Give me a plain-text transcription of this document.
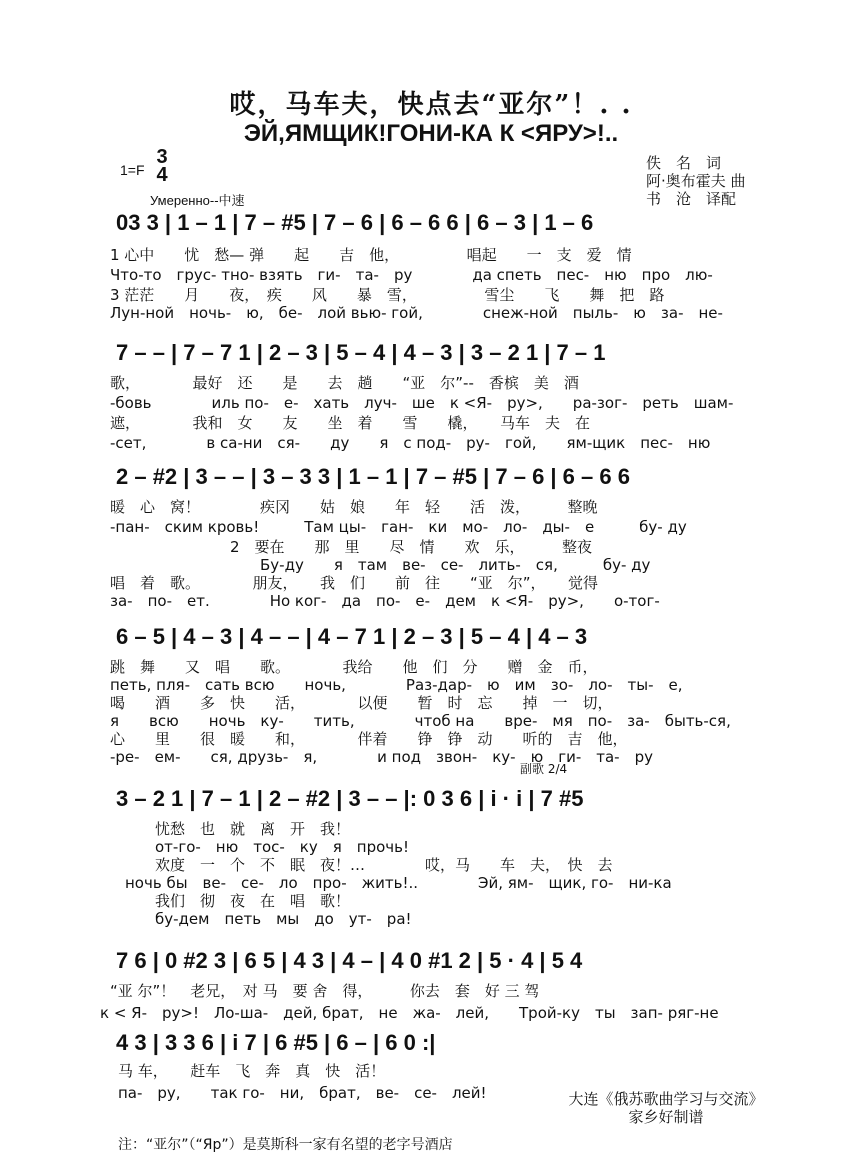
哎，马车夫，快点去“亚尔”！. .
ЭЙ,ЯМЩИК!ГОНИ-КА К <ЯРУ>!..
1=F
3
4
Умеренно--中速
佚　名　词
阿·奥布霍夫 曲
书　沧　译配
03 3 | 1 – 1 | 7 – #5 | 7 – 6 | 6 – 6 6 | 6 – 3 | 1 – 6
1 心中　　忧　愁— 弹　　起　　吉　他，　　　　　唱起　　一　支　爱　情
Что-то　грус- тно- взять　ги-　та-　ру　　　　да спеть　пес-　ню　про　лю-
3 茫茫　　月　　夜，　疾　　风　　暴　雪，　　　　　雪尘　　飞　　舞　把　路
Лун-ной　ночь-　ю,　бе-　лой вью- гой,　　　　снеж-ной　пыль-　ю　за-　не-
7 – – | 7 – 7 1 | 2 – 3 | 5 – 4 | 4 – 3 | 3 – 2 1 | 7 – 1
歌，　　　　最好　还　　是　　去　趟　　“亚　尔”--　香槟　美　酒
-бовь　　　　иль по-　е-　хать　луч-　ше　к <Я-　ру>,　　ра-зог-　реть　шам-
遮，　　　　我和　女　　友　　坐　着　　雪　　橇，　　马车　夫　在
-сет,　　　　в са-ни　ся-　　ду　　я　с под-　ру-　гой,　　ям-щик　пес-　ню
2 – #2 | 3 – – | 3 – 3 3 | 1 – 1 | 7 – #5 | 7 – 6 | 6 – 6 6
暖　心　窝！　　　　疾冈　　姑　娘　　年　轻　　活　泼，　　　整晚
-пан-　ским кровь!　　　Там цы-　ган-　ки　мо-　ло-　ды-　е　　　бу- ду
　　　　　　　　2　要在　　那　里　　尽　情　　欢　乐，　　　整夜
　　　　　　　　　　Бу-ду　　я　там　ве-　се-　лить-　ся,　　　бу- ду
唱　着　歌。　　　　朋友，　　我　们　　前　往　　“亚　尔”，　　觉得
за-　по-　ет.　　　　Но ког-　да　по-　е-　дем　к <Я-　ру>,　　о-тог-
6 – 5 | 4 – 3 | 4 – – | 4 – 7 1 | 2 – 3 | 5 – 4 | 4 – 3
跳　舞　　又　唱　　歌。　　　　我给　　他　们　分　　赠　金　币，
петь, пля-　сать всю　　ночь,　　　　Раз-дар-　ю　им　зо-　ло-　ты-　е,
喝　　酒　　多　快　　活，　　　　以便　　暂　时　忘　　掉　一　切，
я　　всю　　ночь　ку-　　тить,　　　　чтоб на　　вре-　мя　по-　за-　быть-ся,
心　　里　　很　暖　　和，　　　　伴着　　铮　铮　动　　听的　吉　他，
-ре-　ем-　　ся, друзь-　я,　　　　и под　звон-　ку-　ю　ги-　та-　ру
副歌 2/4
3 – 2 1 | 7 – 1 | 2 – #2 | 3 – – |: 0 3 6 | i · i | 7 #5
　　　忧愁　也　就　离　开　我！
　　　от-го-　ню　тос-　ку　я　прочь!
　　　欢度　一　个　不　眠　夜！…　　　　哎，马　　车　夫，　快　去
　ночь бы　ве-　се-　ло　про-　жить!..　　　　Эй, ям-　щик, го-　ни-ка
　　　我们　彻　夜　在　唱　歌！
　　　бу-дем　петь　мы　до　ут-　ра!
7 6 | 0 #2 3 | 6 5 | 4 3 | 4 – | 4 0 #1 2 | 5 · 4 | 5 4
“亚 尔”！　老兄，　对 马　要 舍　得，　　　你去　套　好 三 驾
к < Я-　ру>!　Ло-ша-　дей, брат,　не　жа-　лей,　　Трой-ку　ты　зап- ряг-не
4 3 | 3 3 6 | i 7 | 6 #5 | 6 – | 6 0 :|
马 车，　　赶车　飞　奔　真　快　活！
па-　ру,　　так го-　ни,　брат,　ве-　се-　лей!	大连《俄苏歌曲学习与交流》
家乡好制谱
注：“亚尔”（“Яр”）是莫斯科一家有名望的老字号酒店
